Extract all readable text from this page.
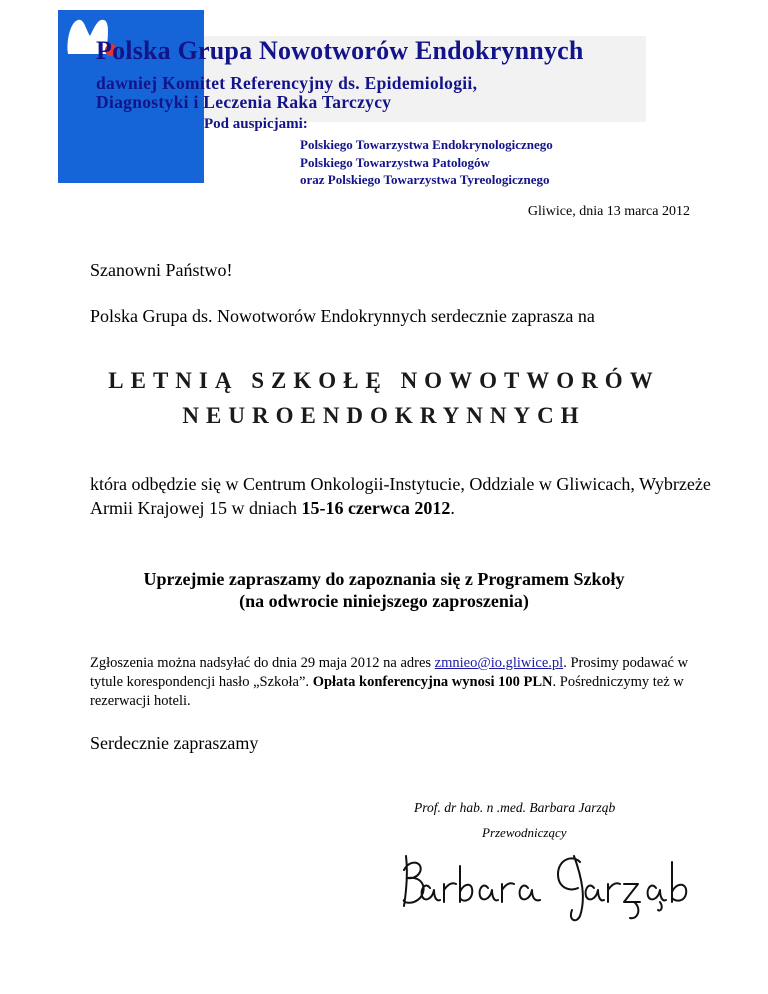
Polska Grupa Nowotworów Endokrynnych
dawniej Komitet Referencyjny ds. Epidemiologii,
Diagnostyki i Leczenia Raka Tarczycy
Pod auspicjami:
Polskiego Towarzystwa Endokrynologicznego
Polskiego Towarzystwa Patologów
oraz Polskiego Towarzystwa Tyreologicznego
Gliwice, dnia 13 marca 2012
Szanowni Państwo!
Polska Grupa ds. Nowotworów Endokrynnych serdecznie zaprasza na
LETNIĄ SZKOŁĘ NOWOTWORÓW
NEUROENDOKRYNNYCH
która odbędzie się w Centrum Onkologii-Instytucie, Oddziale w Gliwicach, Wybrzeże Armii Krajowej 15 w dniach 15-16 czerwca 2012.
Uprzejmie zapraszamy do zapoznania się z Programem Szkoły
(na odwrocie niniejszego zaproszenia)
Zgłoszenia można nadsyłać do dnia 29 maja 2012 na adres zmnieo@io.gliwice.pl. Prosimy podawać w tytule korespondencji hasło „Szkoła”. Opłata konferencyjna wynosi 100 PLN. Pośredniczymy też w rezerwacji hoteli.
Serdecznie zapraszamy
Prof. dr hab. n .med. Barbara Jarząb
Przewodniczący
